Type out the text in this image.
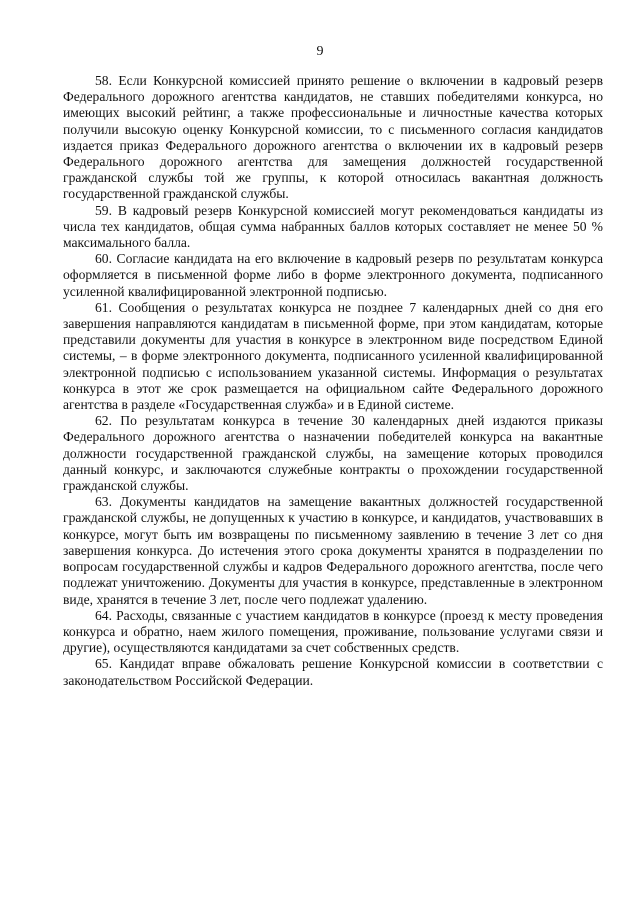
9

58. Если Конкурсной комиссией принято решение о включении в кадровый резерв Федерального дорожного агентства кандидатов, не ставших победителями конкурса, но имеющих высокий рейтинг, а также профессиональные и личностные качества которых получили высокую оценку Конкурсной комиссии, то с письменного согласия кандидатов издается приказ Федерального дорожного агентства о включении их в кадровый резерв Федерального дорожного агентства для замещения должностей государственной гражданской службы той же группы, к которой относилась вакантная должность государственной гражданской службы.

59. В кадровый резерв Конкурсной комиссией могут рекомендоваться кандидаты из числа тех кандидатов, общая сумма набранных баллов которых составляет не менее 50 % максимального балла.

60. Согласие кандидата на его включение в кадровый резерв по результатам конкурса оформляется в письменной форме либо в форме электронного документа, подписанного усиленной квалифицированной электронной подписью.

61. Сообщения о результатах конкурса не позднее 7 календарных дней со дня его завершения направляются кандидатам в письменной форме, при этом кандидатам, которые представили документы для участия в конкурсе в электронном виде посредством Единой системы, – в форме электронного документа, подписанного усиленной квалифицированной электронной подписью с использованием указанной системы. Информация о результатах конкурса в этот же срок размещается на официальном сайте Федерального дорожного агентства в разделе «Государственная служба» и в Единой системе.

62. По результатам конкурса в течение 30 календарных дней издаются приказы Федерального дорожного агентства о назначении победителей конкурса на вакантные должности государственной гражданской службы, на замещение которых проводился данный конкурс, и заключаются служебные контракты о прохождении государственной гражданской службы.

63. Документы кандидатов на замещение вакантных должностей государственной гражданской службы, не допущенных к участию в конкурсе, и кандидатов, участвовавших в конкурсе, могут быть им возвращены по письменному заявлению в течение 3 лет со дня завершения конкурса. До истечения этого срока документы хранятся в подразделении по вопросам государственной службы и кадров Федерального дорожного агентства, после чего подлежат уничтожению. Документы для участия в конкурсе, представленные в электронном виде, хранятся в течение 3 лет, после чего подлежат удалению.

64. Расходы, связанные с участием кандидатов в конкурсе (проезд к месту проведения конкурса и обратно, наем жилого помещения, проживание, пользование услугами связи и другие), осуществляются кандидатами за счет собственных средств.

65. Кандидат вправе обжаловать решение Конкурсной комиссии в соответствии с законодательством Российской Федерации.
